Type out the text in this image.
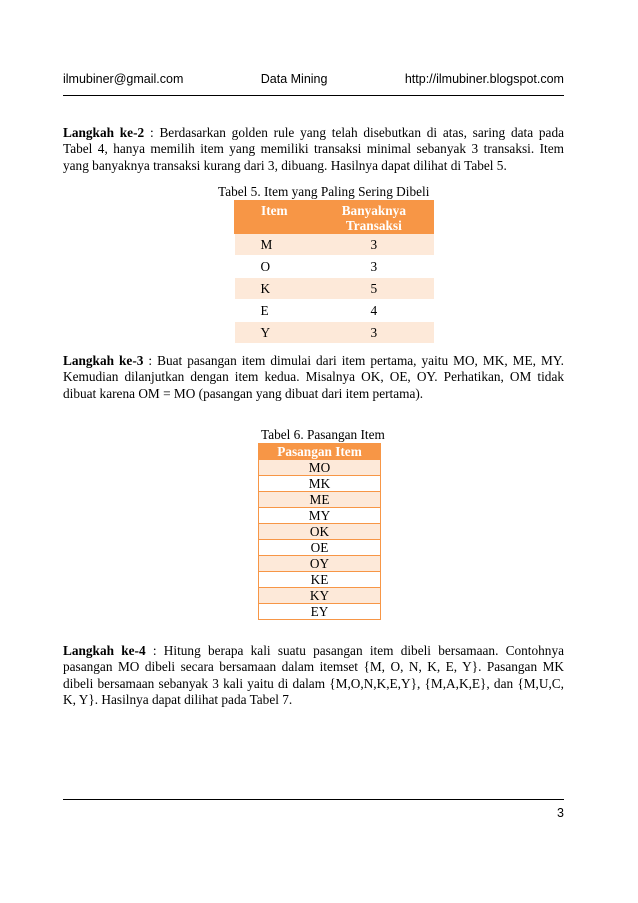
ilmubiner@gmail.com	Data Mining	http://ilmubiner.blogspot.com
Langkah ke-2 : Berdasarkan golden rule yang telah disebutkan di atas, saring data pada Tabel 4, hanya memilih item yang memiliki transaksi minimal sebanyak 3 transaksi. Item yang banyaknya transaksi kurang dari 3, dibuang. Hasilnya dapat dilihat di Tabel 5.
Tabel 5. Item yang Paling Sering Dibeli
Item	Banyaknya Transaksi
M	3
O	3
K	5
E	4
Y	3
Langkah ke-3 : Buat pasangan item dimulai dari item pertama, yaitu MO, MK, ME, MY. Kemudian dilanjutkan dengan item kedua. Misalnya OK, OE, OY. Perhatikan, OM tidak dibuat karena OM = MO (pasangan yang dibuat dari item pertama).
Tabel 6. Pasangan Item
Pasangan Item
MO
MK
ME
MY
OK
OE
OY
KE
KY
EY
Langkah ke-4 : Hitung berapa kali suatu pasangan item dibeli bersamaan. Contohnya pasangan MO dibeli secara bersamaan dalam itemset {M, O, N, K, E, Y}. Pasangan MK dibeli bersamaan sebanyak 3 kali yaitu di dalam {M,O,N,K,E,Y}, {M,A,K,E}, dan {M,U,C, K, Y}. Hasilnya dapat dilihat pada Tabel 7.
3
